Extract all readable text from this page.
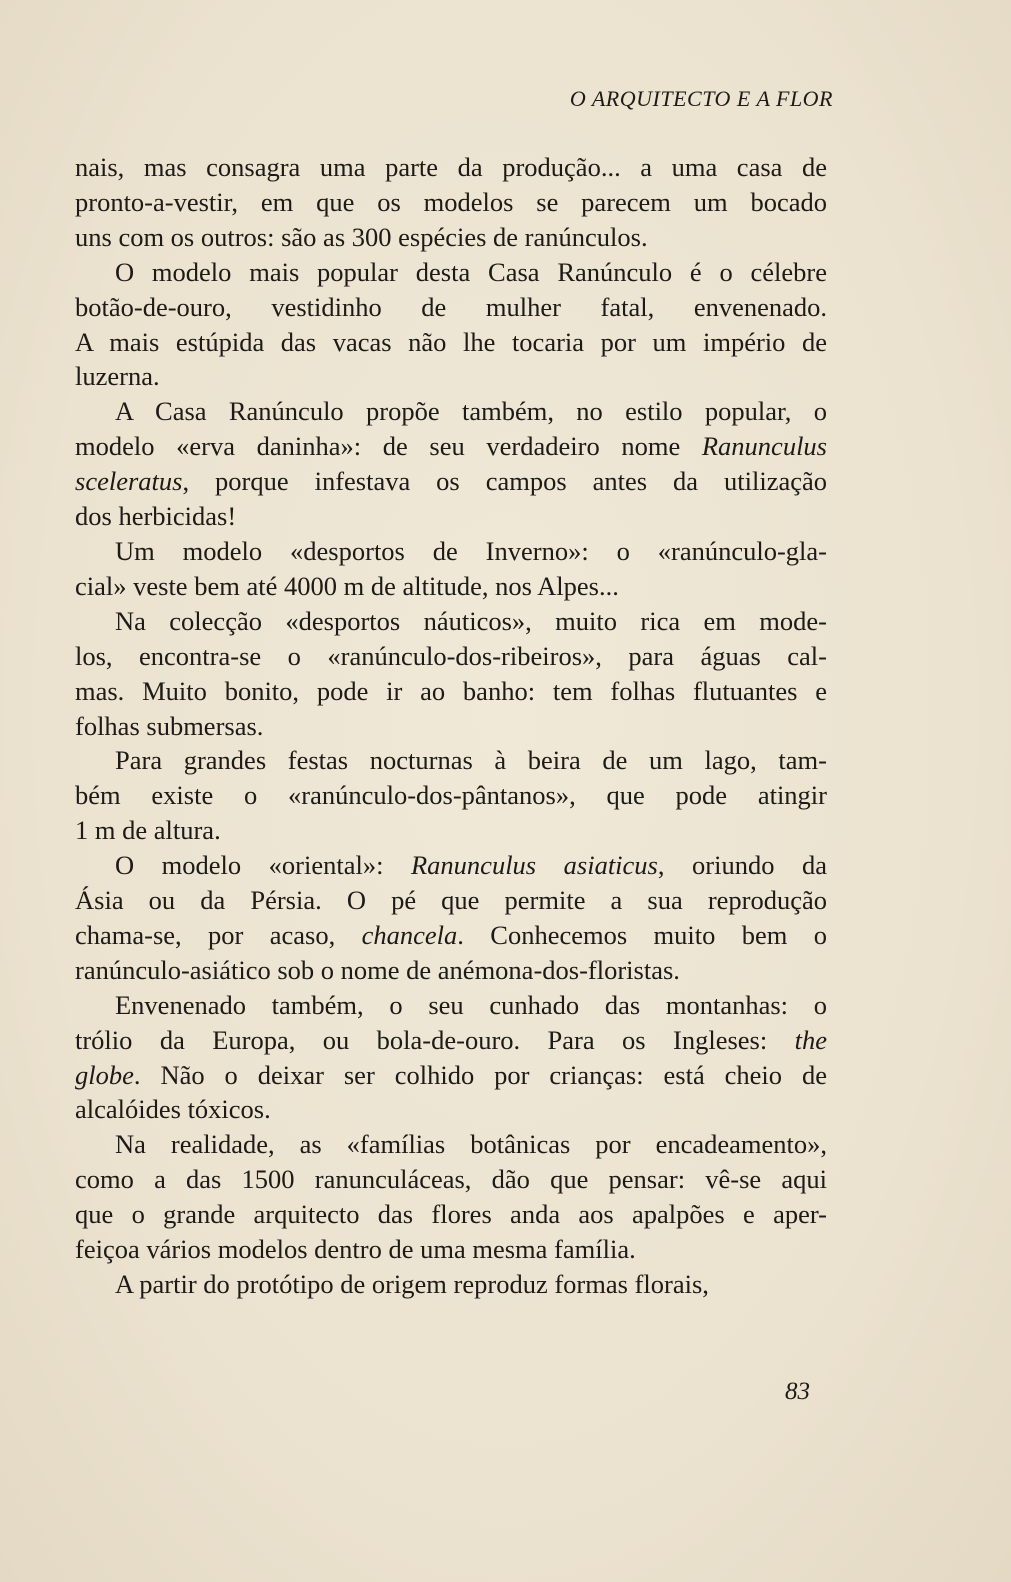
O ARQUITECTO E A FLOR

nais, mas consagra uma parte da produção... a uma casa de
pronto-a-vestir, em que os modelos se parecem um bocado
uns com os outros: são as 300 espécies de ranúnculos.

O modelo mais popular desta Casa Ranúnculo é o célebre
botão-de-ouro, vestidinho de mulher fatal, envenenado.
A mais estúpida das vacas não lhe tocaria por um império de
luzerna.

A Casa Ranúnculo propõe também, no estilo popular, o
modelo «erva daninha»: de seu verdadeiro nome Ranunculus
sceleratus, porque infestava os campos antes da utilização
dos herbicidas!

Um modelo «desportos de Inverno»: o «ranúnculo-gla-
cial» veste bem até 4000 m de altitude, nos Alpes...

Na colecção «desportos náuticos», muito rica em mode-
los, encontra-se o «ranúnculo-dos-ribeiros», para águas cal-
mas. Muito bonito, pode ir ao banho: tem folhas flutuantes e
folhas submersas.

Para grandes festas nocturnas à beira de um lago, tam-
bém existe o «ranúnculo-dos-pântanos», que pode atingir
1 m de altura.

O modelo «oriental»: Ranunculus asiaticus, oriundo da
Ásia ou da Pérsia. O pé que permite a sua reprodução
chama-se, por acaso, chancela. Conhecemos muito bem o
ranúnculo-asiático sob o nome de anémona-dos-floristas.

Envenenado também, o seu cunhado das montanhas: o
trólio da Europa, ou bola-de-ouro. Para os Ingleses: the
globe. Não o deixar ser colhido por crianças: está cheio de
alcalóides tóxicos.

Na realidade, as «famílias botânicas por encadeamento»,
como a das 1500 ranunculáceas, dão que pensar: vê-se aqui
que o grande arquitecto das flores anda aos apalpões e aper-
feiçoa vários modelos dentro de uma mesma família.

A partir do protótipo de origem reproduz formas florais,

83
